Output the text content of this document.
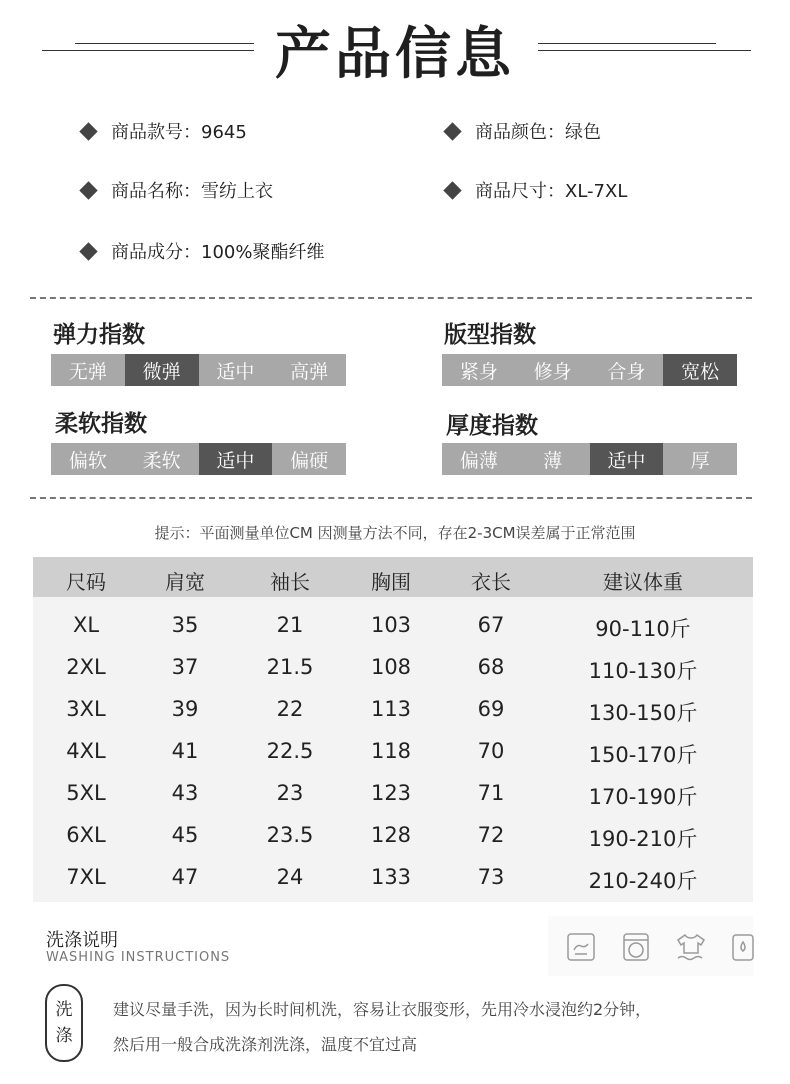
产品信息
商品款号：9645	商品颜色：绿色
商品名称：雪纺上衣	商品尺寸：XL-7XL
商品成分：100%聚酯纤维
弹力指数
无弹	微弹	适中	高弹
版型指数
紧身	修身	合身	宽松
柔软指数
偏软	柔软	适中	偏硬
厚度指数
偏薄	薄	适中	厚
提示：平面测量单位CM 因测量方法不同，存在2-3CM误差属于正常范围
尺码	肩宽	袖长	胸围	衣长	建议体重
XL	35	21	103	67	90-110斤
2XL	37	21.5	108	68	110-130斤
3XL	39	22	113	69	130-150斤
4XL	41	22.5	118	70	150-170斤
5XL	43	23	123	71	170-190斤
6XL	45	23.5	128	72	190-210斤
7XL	47	24	133	73	210-240斤
洗涤说明
WASHING INSTRUCTIONS
洗
涤
建议尽量手洗，因为长时间机洗，容易让衣服变形，先用冷水浸泡约2分钟，
然后用一般合成洗涤剂洗涤，温度不宜过高
